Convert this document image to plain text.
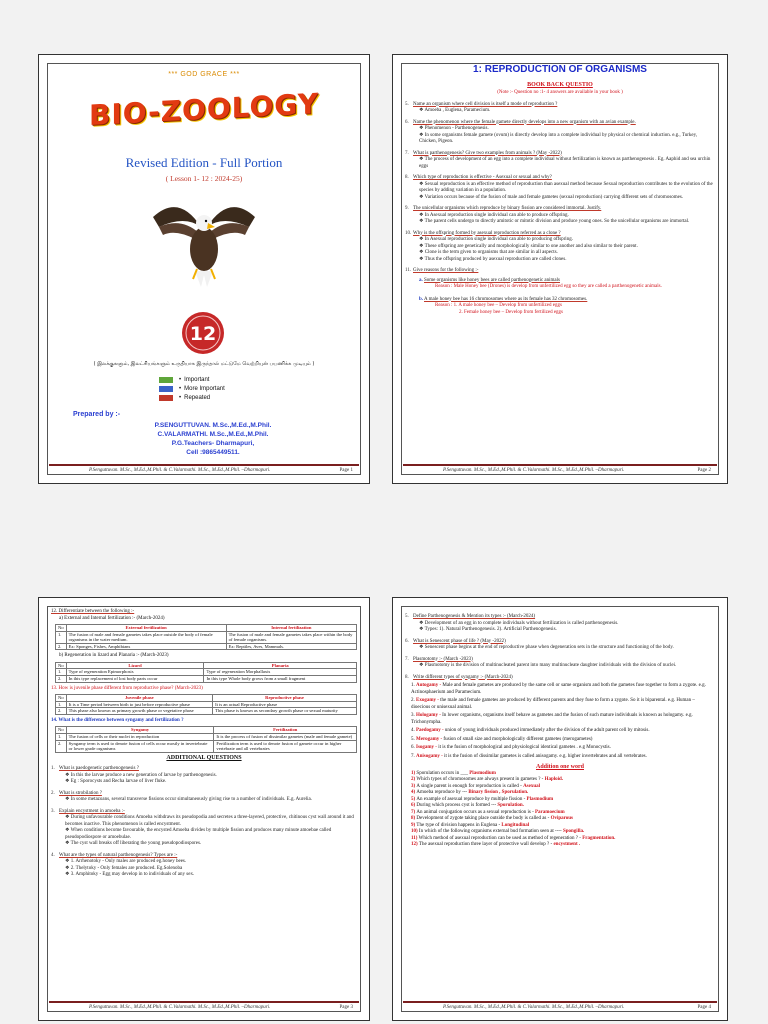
*** GOD GRACE ***
BIO-ZOOLOGY
Revised Edition - Full Portion
( Lesson 1- 12 : 2024-25)
12
( இலக்குகளும், இலட்சியங்களும் உருதியாக இருந்தால் மட்டுமே வெற்றியுன் பயணிக்க முடியும் )
• Important
• More Important
• Repeated
Prepared by :-
P.SENGUTTUVAN. M.Sc.,M.Ed.,M.Phil.
C.VALARMATHI. M.Sc.,M.Ed.,M.Phil.
P.G.Teachers- Dharmapuri,
Cell :9865449511.
P.Senguttuvan. M.Sc., M.Ed.,M.Phil. & C.Valarmathi. M.Sc., M.Ed.,M.Phil. –Dharmapuri.	Page 1
1: REPRODUCTION OF ORGANISMS
BOOK BACK QUESTIO
(Note :- Question no :1- 4 answers are available in your book )
5. Name an organism where cell division is itself a mode of reproduction ?
❖ Amoeba , Euglena, Paramecium.
6. Name the phenomenon where the female gamete directly develops into a new organism with an avian example.
❖ Phenomenon - Parthenogenesis.
❖ In some organisms female gamete (ovum) is directly develop into a complete individual by physical or chemical induction. e.g., Turkey, Chicken, Pigeon.
7. What is parthenogenesis? Give two examples from animals ? (May -2022)
❖ The process of development of an egg into a complete individual without fertilization is known as parthenogenesis . Eg. Aaphid and sea urchin eggs
8. Which type of reproduction is effective - Asexual or sexual and why?
❖ Sexual reproduction is an effective method of reproduction than asexual method because Sexual reproduction contributes to the evolution of the species by adding variation in a population.
❖ Variation occurs because of the fusion of male and female gametes (sexual reproduction) carrying different sets of chromosomes.
9. The unicellular organisms which reproduce by binary fission are considered immortal. Justify.
❖ In Asexual reproduction single individual can able to produce offspring.
❖ The parent cells undergo to directly amitotic or mitotic division and produce young ones. So the unicellular organisms are immortal.
10. Why is the offspring formed by asexual reproduction referred as a clone ?
❖ In Asexual reproduction single individual can able to producing offspring.
❖ These offspring are genetically and morphologically similar to one another and also similar to their parent.
❖ Clone is the term given to organisms that are similar in all aspects.
❖ Thus the offspring produced by asexual reproduction are called clones.
11. Give reasons for the following :-
a. Some organisms like honey bees are called parthenogenetic animals
Reason : Male Honey bee (Drones) is develop from unfertilized egg so they are called a parthenogenetic animals.
b. A male honey bee has 16 chromosomes where as its female has 32 chromosomes.
Reason : 1. A male honey bee – Develop from unfertilized eggs
2. Female honey bee – Develop from fertilized eggs
P.Senguttuvan. M.Sc., M.Ed.,M.Phil. & C.Valarmathi. M.Sc., M.Ed.,M.Phil. –Dharmapuri.	Page 2
12. Differentiate between the following :-
a) External and Internal fertilization :- (March-2024)
No	External fertilization	Internal fertilization
1.	The fusion of male and female gametes takes place outside the body of female organisms in the water medium.	The fusion of male and female gametes takes place within the body of female organisms.
2.	Ex: Sponges, Fishes, Amphibians	Ex: Reptiles, Aves, Mammals.
b) Regeneration in lizard and Planaria :- (March-2023)
No	Lizard	Planaria
1.	Type of regeneration Epimorphosis	Type of regeneration Morphallaxis
2.	In this type replacement of lost body parts occur	In this type Whole body grows from a small fragment
13. How is juvenile phase different from reproductive phase? (March-2023)
No	Juvenile phase	Reproductive phase
1.	It is a Time period between birth to just before reproductive phase	It is an actual Reproductive phase
2.	This phase also known as primary growth phase or vegetative phase	This phase is known as secondary growth phase or sexual maturity
14. What is the difference between syngamy and fertilization ?
No	Syngamy	Fertilization
1.	The fusion of cells or their nuclei in reproduction	It is the process of fusion of dissimilar gametes (male and female gamete)
2.	Syngamy term is used to denote fusion of cells occur mostly in invertebrate or lower grade organisms	Fertilization term is used to denote fusion of gamete occur in higher vertebrate and all vertebrates
ADDITIONAL QUESTIONS
1. What is paedogenetic parthenogenesis ?
❖ In this the larvae produce a new generation of larvae by parthenogenesis.
❖ Eg : Sporocysts and Recha larvae of liver fluke.
2. What is strobilation ?
❖ In some metazoans, several transverse fissions occur simultaneously giving rise to a number of individuals. E.g. Aurelia.
3. Explain encystment in amoeba :-
❖ During unfavourable conditions Amoeba withdraws its pseudopodia and secretes a three-layered, protective, chitinous cyst wall around it and becomes inactive. This phenomenon is called encystment.
❖ When conditions become favourable, the encysted Amoeba divides by multiple fission and produces many minute amoebae called pseudopodiospore or amoebulae.
❖ The cyst wall breaks off liberating the young pseudopodiospores.
4. What are the types of natural parthenogenesis? Types are :-
❖ 1. Arrhenotoky - Only males are produced eg.honey bees.
❖ 2. Thelytoky - Only females are produced. Eg.Solenoba
❖ 3. Amphitoky - Egg may develop in to individuals of any sex.
P.Senguttuvan. M.Sc., M.Ed.,M.Phil. & C.Valarmathi. M.Sc., M.Ed.,M.Phil. –Dharmapuri.	Page 3
5. Define Parthenogenesis & Mention its types :- (March-2024)
❖ Development of an egg in to complete individuals without fertilization is called parthenogenesis.
❖ Types: 1). Natural Parthenogenesis. 2). Artificial Parthenogenesis.
6. What is Senescent phase of life ? (May -2022)
❖ Senescent phase begins at the end of reproductive phase when degeneration sets in the structure and functioning of the body.
7. Plasmotomy :- (March -2023)
❖ Plasmotomy is the division of multinucleated parent into many multinucleate daughter individuals with the division of nuclei.
8. Write different types of syngamy :- (March-2024)
1. Autogamy - Male and female gametes are produced by the same cell or same organism and both the gametes fuse together to form a zygote. e.g. Actinosphaerium and Paramecium.
2. Exogamy - the male and female gametes are produced by different parents and they fuse to form a zygote. So it is biparental. e.g. Human – dioecious or unisexual animal.
3. Hologamy - In lower organisms, organisms itself behave as gametes and the fusion of such mature individuals is known as hologamy. e.g. Trichonympha.
4. Paedogamy - union of young individuals produced immediately after the division of the adult parent cell by mitosis.
5. Merogamy - fusion of small size and morphologically different gametes (merogametes)
6. Isogamy - it is the fusion of morphological and physiological identical gametes . e.g Monocystis.
7. Anisogamy - it is the fusion of dissimilar gametes is called anisogamy. e.g. higher invertebrates and all vertebrates.
Addition one word
1) Sporulation occurs in ___ Plasmodium
2) Which types of chromosomes are always present in gametes ? - Haploid.
3) A single parent is enough for reproduction is called - Asexual
4) Amoeba reproduce by --- Binary fission , Sporulation.
5) An example of asexual reproduce by multiple fission - Plasmodium
6) During which process cyst is formed --- Sporulation.
7) An animal conjugation occurs as a sexual reproduction is - Paramoecium
8) Development of zygote taking place outside the body is called as - Oviparous
9) The type of division happens in Euglena - Longitudinal
10) In which of the following organisms external bud formation seen at ---- Spongilla.
11) Which method of asexual reproduction can be used as method of regeneration ? - Fragmentation.
12) The asexual reproduction three layer of protective wall develop ? - encystment .
P.Senguttuvan. M.Sc., M.Ed.,M.Phil. & C.Valarmathi. M.Sc., M.Ed.,M.Phil. –Dharmapuri.	Page 4
